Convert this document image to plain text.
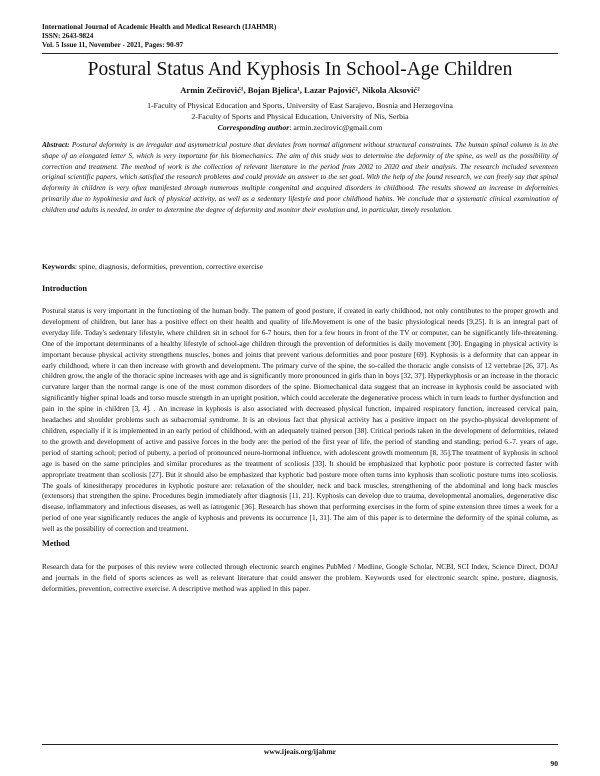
International Journal of Academic Health and Medical Research (IJAHMR)
ISSN: 2643-9824
Vol. 5 Issue 11, November - 2021, Pages: 90-97
Postural Status And Kyphosis In School-Age Children
Armin Zečirović¹, Bojan Bjelica¹, Lazar Pajović², Nikola Aksović²
1-Faculty of Physical Education and Sports, University of East Sarajevo, Bosnia and Herzegovina
2-Faculty of Sports and Physical Education, University of Nis, Serbia
Corresponding author: armin.zecirovic@gmail.com
Abstract: Postural deformity is an irregular and asymmetrical posture that deviates from normal alignment without structural constraints. The human spinal column is in the shape of an elongated letter S, which is very important for his biomechanics. The aim of this study was to determine the deformity of the spine, as well as the possibility of correction and treatment. The method of work is the collection of relevant literature in the period from 2002 to 2020 and their analysis. The research included seventeen original scientific papers, which satisfied the research problems and could provide an answer to the set goal. With the help of the found research, we can freely say that spinal deformity in children is very often manifested through numerous multiple congenital and acquired disorders in childhood. The results showed an increase in deformities primarily due to hypokinesia and lack of physical activity, as well as a sedentary lifestyle and poor childhood habits. We conclude that a systematic clinical examination of children and adults is needed, in order to determine the degree of deformity and monitor their evolution and, in particular, timely resolution.
Keywords: spine, diagnosis, deformities, prevention, corrective exercise
Introduction
Postural status is very important in the functioning of the human body. The pattern of good posture, if created in early childhood, not only contributes to the proper growth and development of children, but later has a positive effect on their health and quality of life.Movement is one of the basic physiological needs [9,25]. It is an integral part of everyday life. Today's sedentary lifestyle, where children sit in school for 6-7 hours, then for a few hours in front of the TV or computer, can be significantly life-threatening. One of the important determinants of a healthy lifestyle of school-age children through the prevention of deformities is daily movement [30]. Engaging in physical activity is important because physical activity strengthens muscles, bones and joints that prevent various deformities and poor posture [69]. Kyphosis is a deformity that can appear in early childhood, where it can then increase with growth and development. The primary curve of the spine, the so-called the thoracic angle consists of 12 vertebrae [26, 37]. As children grow, the angle of the thoracic spine increases with age and is significantly more pronounced in girls than in boys [32, 37]. Hyperkyphosis or an increase in the thoracic curvature larger than the normal range is one of the most common disorders of the spine. Biomechanical data suggest that an increase in kyphosis could be associated with significantly higher spinal loads and torso muscle strength in an upright position, which could accelerate the degenerative process which in turn leads to further dysfunction and pain in the spine in children [3, 4]. . An increase in kyphosis is also associated with decreased physical function, impaired respiratory function, increased cervical pain, headaches and shoulder problems such as subacromial syndrome. It is an obvious fact that physical activity has a positive impact on the psycho-physical development of children, especially if it is implemented in an early period of childhood, with an adequately trained person [38]. Critical periods taken in the development of deformities, related to the growth and development of active and passive forces in the body are: the period of the first year of life, the period of standing and standing; period 6.-7. years of age, period of starting school; period of puberty, a period of pronounced neuro-hormonal influence, with adolescent growth momentum [8, 35].The treatment of kyphosis in school age is based on the same principles and similar procedures as the treatment of scoliosis [33]. It should be emphasized that kyphotic poor posture is corrected faster with appropriate treatment than scoliosis [27]. But it should also be emphasized that kyphotic bad posture more often turns into kyphosis than scoliotic posture turns into scoliosis. The goals of kinesitherapy procedures in kyphotic posture are: relaxation of the shoulder, neck and back muscles, strengthening of the abdominal and long back muscles (extensors) that strengthen the spine. Procedures begin immediately after diagnosis [11, 21]. Kyphosis can develop due to trauma, developmental anomalies, degenerative disc disease, inflammatory and infectious diseases, as well as iatrogenic [36]. Research has shown that performing exercises in the form of spine extension three times a week for a period of one year significantly reduces the angle of kyphosis and prevents its occurrence [1, 31]. The aim of this paper is to determine the deformity of the spinal column, as well as the possibility of correction and treatment.
Method
Research data for the purposes of this review were collected through electronic search engines PubMed / Medline, Google Scholar, NCBI, SCI Index, Science Direct, DOAJ and journals in the field of sports sciences as well as relevant literature that could answer the problem. Keywords used for electronic search: spine, posture, diagnosis, deformities, prevention, corrective exercise. A descriptive method was applied in this paper.
www.ijeais.org/ijahmr
90
